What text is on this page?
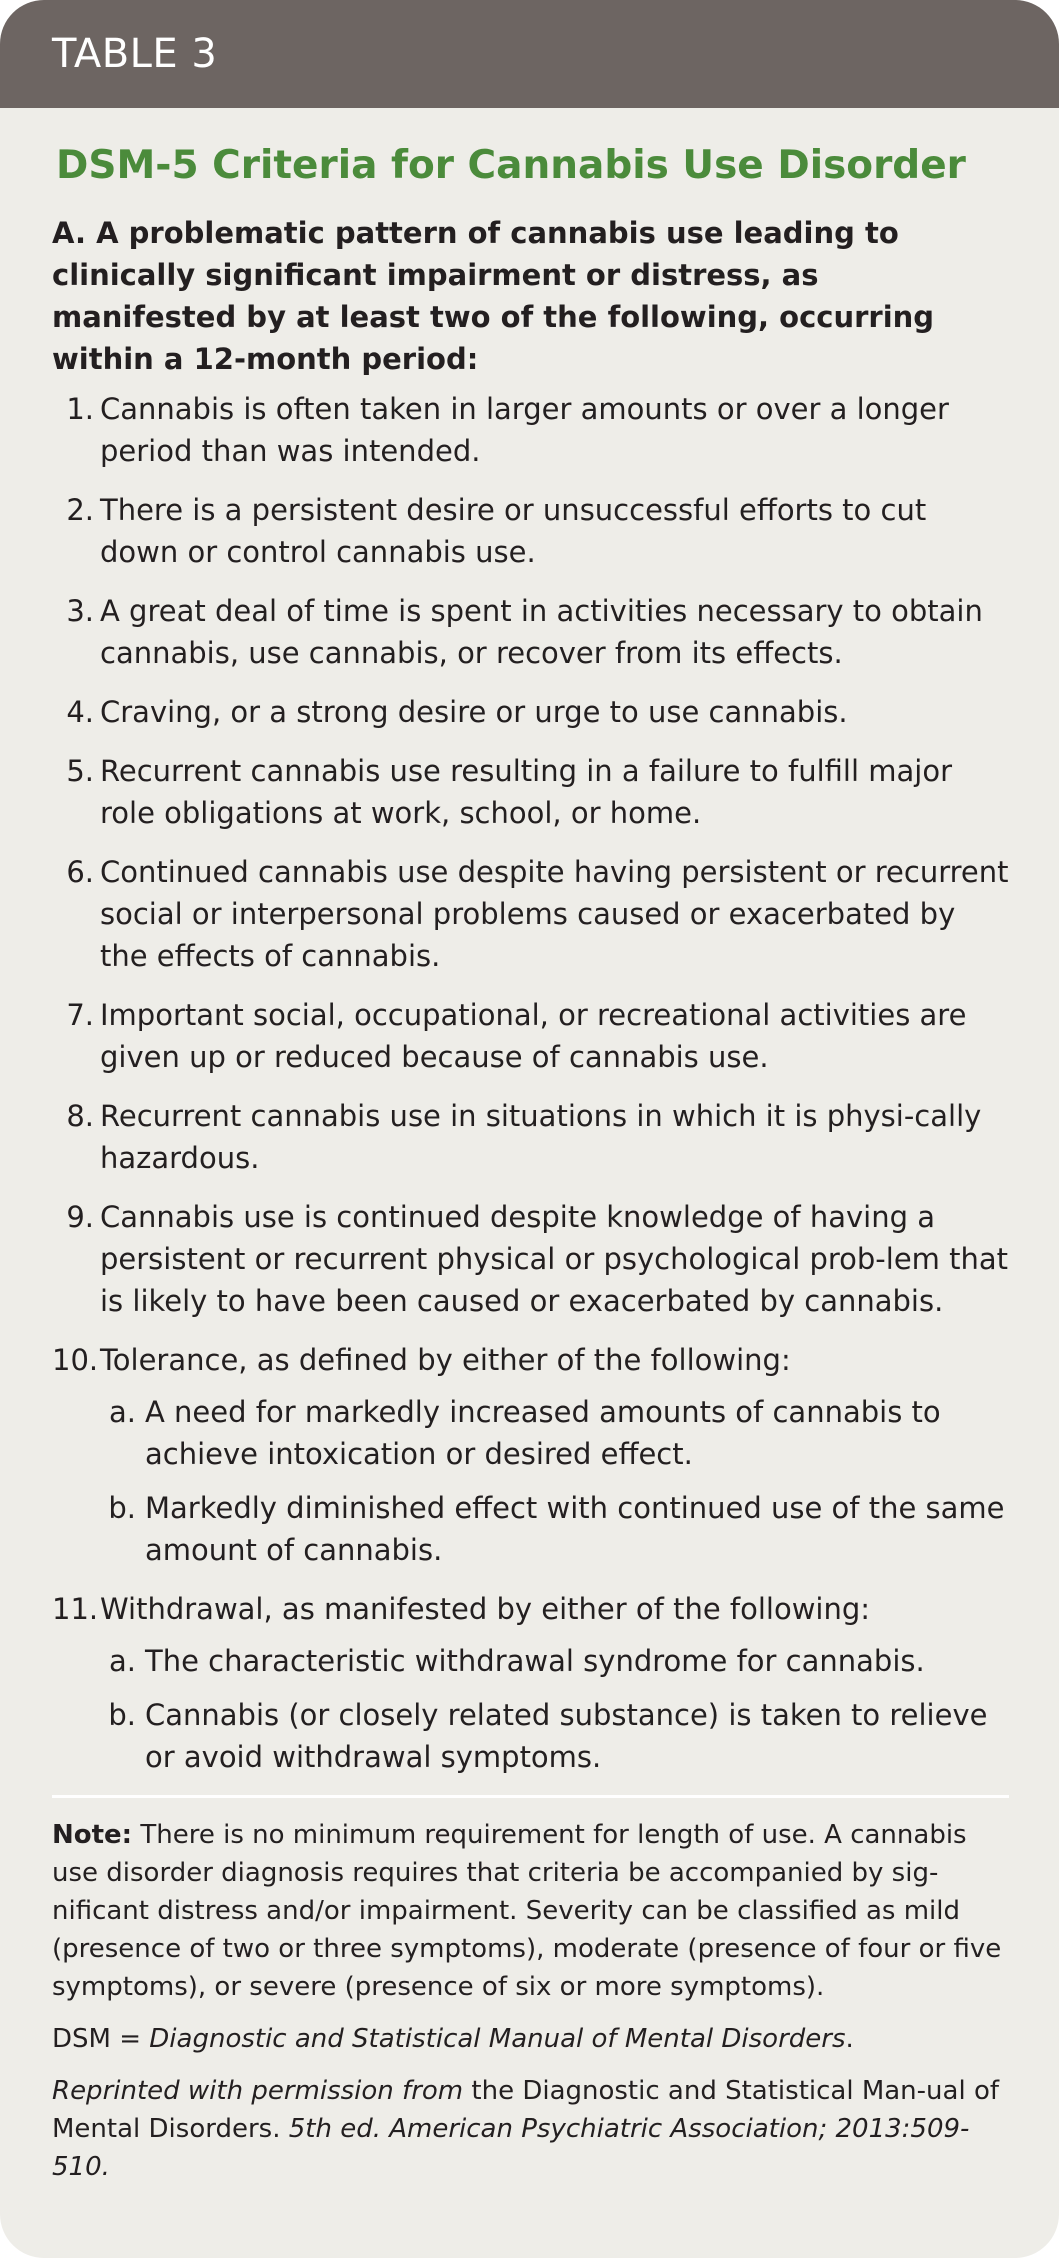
TABLE 3
DSM-5 Criteria for Cannabis Use Disorder

A. A problematic pattern of cannabis use leading to clinically significant impairment or distress, as manifested by at least two of the following, occurring within a 12-month period:

1. Cannabis is often taken in larger amounts or over a longer period than was intended.
2. There is a persistent desire or unsuccessful efforts to cut down or control cannabis use.
3. A great deal of time is spent in activities necessary to obtain cannabis, use cannabis, or recover from its effects.
4. Craving, or a strong desire or urge to use cannabis.
5. Recurrent cannabis use resulting in a failure to fulfill major role obligations at work, school, or home.
6. Continued cannabis use despite having persistent or recurrent social or interpersonal problems caused or exacerbated by the effects of cannabis.
7. Important social, occupational, or recreational activities are given up or reduced because of cannabis use.
8. Recurrent cannabis use in situations in which it is physi-cally hazardous.
9. Cannabis use is continued despite knowledge of having a persistent or recurrent physical or psychological prob-lem that is likely to have been caused or exacerbated by cannabis.
10. Tolerance, as defined by either of the following:
a. A need for markedly increased amounts of cannabis to achieve intoxication or desired effect.
b. Markedly diminished effect with continued use of the same amount of cannabis.
11. Withdrawal, as manifested by either of the following:
a. The characteristic withdrawal syndrome for cannabis.
b. Cannabis (or closely related substance) is taken to relieve or avoid withdrawal symptoms.

Note: There is no minimum requirement for length of use. A cannabis use disorder diagnosis requires that criteria be accompanied by sig-nificant distress and/or impairment. Severity can be classified as mild (presence of two or three symptoms), moderate (presence of four or five symptoms), or severe (presence of six or more symptoms).

DSM = Diagnostic and Statistical Manual of Mental Disorders.

Reprinted with permission from the Diagnostic and Statistical Man-ual of Mental Disorders. 5th ed. American Psychiatric Association; 2013:509-510.
